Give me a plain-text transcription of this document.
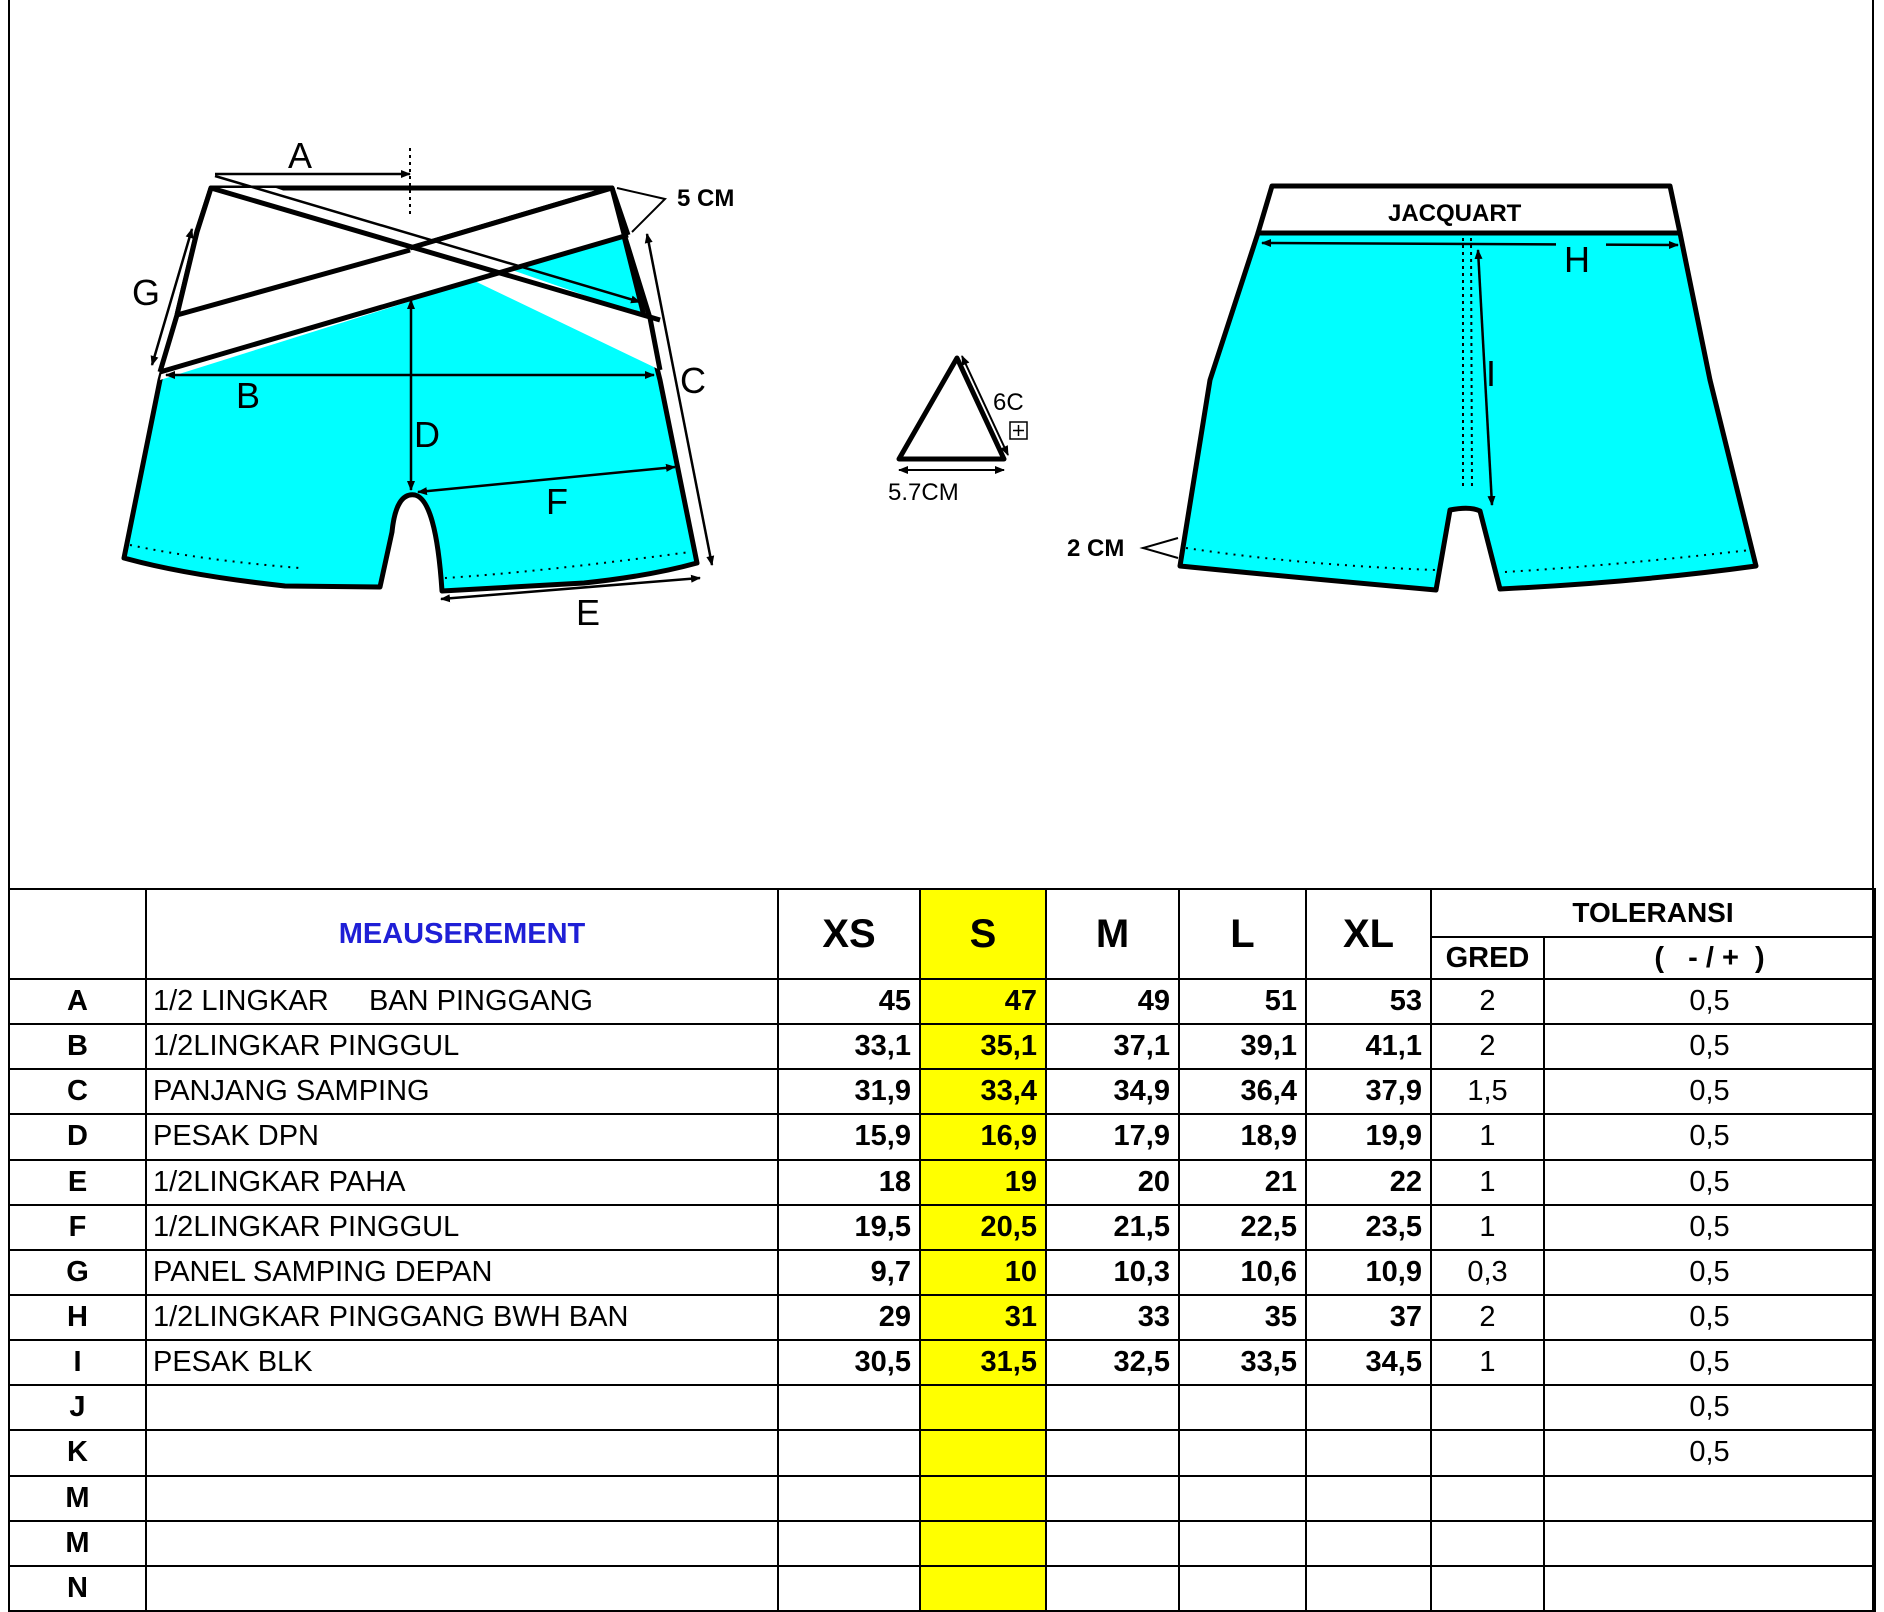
A
G
B
D
C
F
E
5 CM
6C
5.7CM
H
I
JACQUART
2 CM
	MEAUSEREMENT	XS	S	M	L	XL	TOLERANSI	
							GRED	(   - / +  )
A	1/2 LINGKAR     BAN PINGGANG	45	47	49	51	53	2	0,5
B	1/2LINGKAR PINGGUL	33,1	35,1	37,1	39,1	41,1	2	0,5
C	PANJANG SAMPING	31,9	33,4	34,9	36,4	37,9	1,5	0,5
D	PESAK DPN	15,9	16,9	17,9	18,9	19,9	1	0,5
E	1/2LINGKAR PAHA	18	19	20	21	22	1	0,5
F	1/2LINGKAR PINGGUL	19,5	20,5	21,5	22,5	23,5	1	0,5
G	PANEL SAMPING DEPAN	9,7	10	10,3	10,6	10,9	0,3	0,5
H	1/2LINGKAR PINGGANG BWH BAN	29	31	33	35	37	2	0,5
I	PESAK BLK	30,5	31,5	32,5	33,5	34,5	1	0,5
J								0,5
K								0,5
M								
M								
N								
